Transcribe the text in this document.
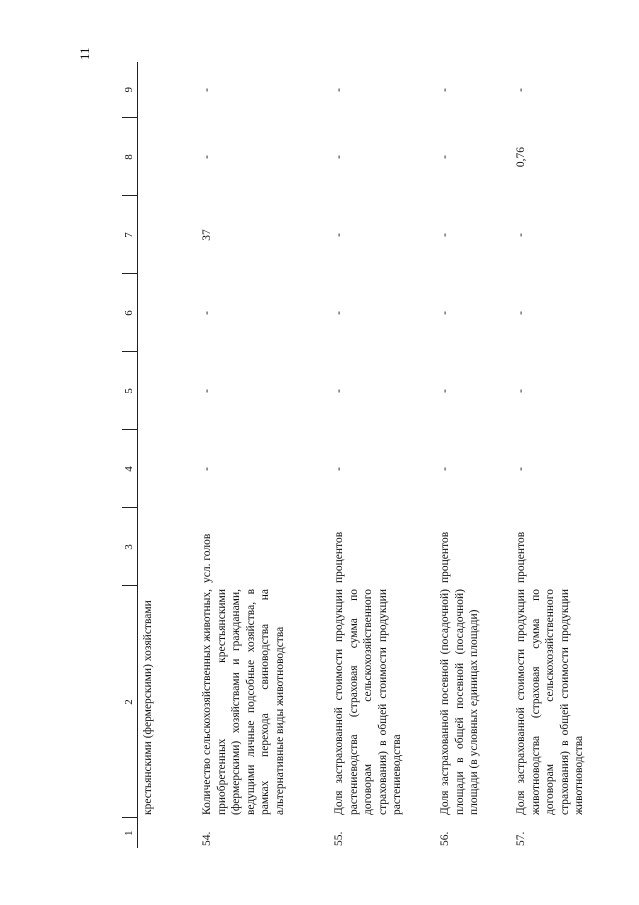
11
1	2	3	4	5	6	7	8	9
	крестьянскими (фермерскими) хозяйствами							
54.	Количество сельскохозяйственных животных, приобретенных крестьянскими (фермерскими) хозяйствами и гражданами, ведущими личные подсобные хозяйства, в рамках перехода свиноводства на альтернативные виды животноводства	усл. голов	-	-	-	37	-	-
55.	Доля застрахованной стоимости продукции растениеводства (страховая сумма по договорам сельскохозяйственного страхования) в общей стоимости продукции растениеводства	процентов	-	-	-	-	-	-
56.	Доля застрахованной посевной (посадочной) площади в общей посевной (посадочной) площади (в условных единицах площади)	процентов	-	-	-	-	-	-
57.	Доля застрахованной стоимости продукции животноводства (страховая сумма по договорам сельскохозяйственного страхования) в общей стоимости продукции животноводства	процентов	-	-	-	-	0,76	-
